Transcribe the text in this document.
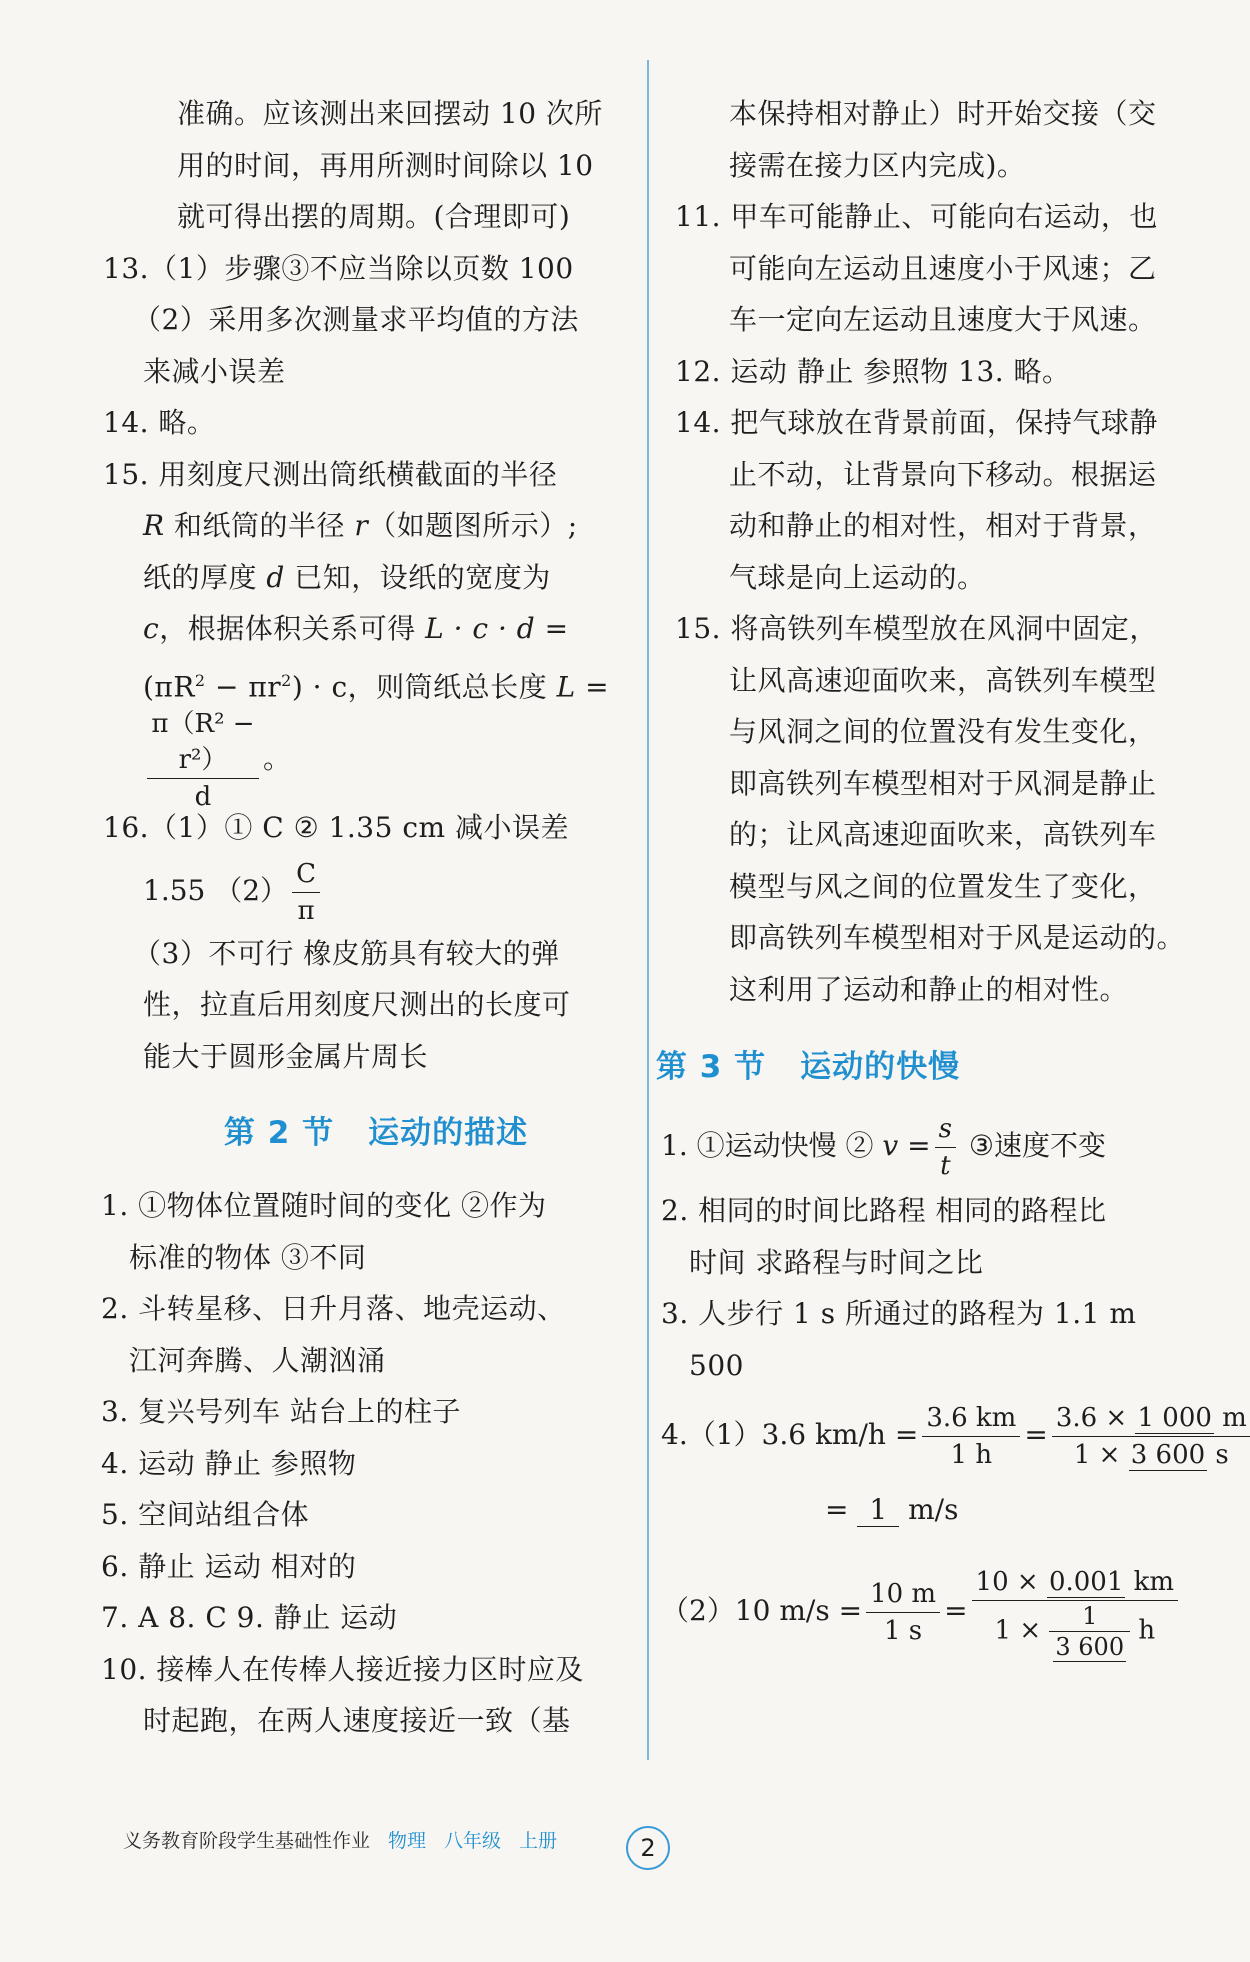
准确。应该测出来回摆动 10 次所
用的时间，再用所测时间除以 10
就可得出摆的周期。(合理即可)
13.（1）步骤③不应当除以页数 100
（2）采用多次测量求平均值的方法
来减小误差
14. 略。
15. 用刻度尺测出筒纸横截面的半径
R 和纸筒的半径 r（如题图所示）;
纸的厚度 d 已知，设纸的宽度为
c，根据体积关系可得 L · c · d =
$(\pi R^2 - \pi r^2) \cdot c$，则筒纸总长度 L =
$\frac{\text{π（R² − r²）}}{d}$ 。
16.（1）① C ② 1.35 cm 减小误差
1.55 $(2) \frac{C}{\pi}$
（3）不可行 橡皮筋具有较大的弹
性，拉直后用刻度尺测出的长度可
能大于圆形金属片周长
第 2 节 运动的描述
1. ①物体位置随时间的变化 ②作为
标准的物体 ③不同
2. 斗转星移、日升月落、地壳运动、
江河奔腾、人潮汹涌
3. 复兴号列车 站台上的柱子
4. 运动 静止 参照物
5. 空间站组合体
6. 静止 运动 相对的
7. A 8. C 9. 静止 运动
10. 接棒人在传棒人接近接力区时应及
时起跑，在两人速度接近一致（基
本保持相对静止）时开始交接（交
接需在接力区内完成)。
11. 甲车可能静止、可能向右运动，也
可能向左运动且速度小于风速；乙
车一定向左运动且速度大于风速。
12. 运动 静止 参照物 13. 略。
14. 把气球放在背景前面，保持气球静
止不动，让背景向下移动。根据运
动和静止的相对性，相对于背景，
气球是向上运动的。
15. 将高铁列车模型放在风洞中固定，
让风高速迎面吹来，高铁列车模型
与风洞之间的位置没有发生变化，
即高铁列车模型相对于风洞是静止
的；让风高速迎面吹来，高铁列车
模型与风之间的位置发生了变化，
即高铁列车模型相对于风是运动的。
这利用了运动和静止的相对性。
第 3 节 运动的快慢
1. ①运动快慢 ② $v = \frac{s}{t}$ ③速度不变
2. 相同的时间比路程 相同的路程比
时间 求路程与时间之比
3. 人步行 1 s 所通过的路程为 1.1 m
500
4.（1）3.6 $km/h = \frac{3.6 km}{1 h} = \frac{3.6 \times 1 000 m}{1 \times 3 600 s}$
= 1 m/s
（2）10 $m/s = \frac{10 m}{1 s} = \frac{10 \times 0.001 km}{1 \times \frac{1}{3 600} h}$
义务教育阶段学生基础性作业 物理 八年级 上册	2
